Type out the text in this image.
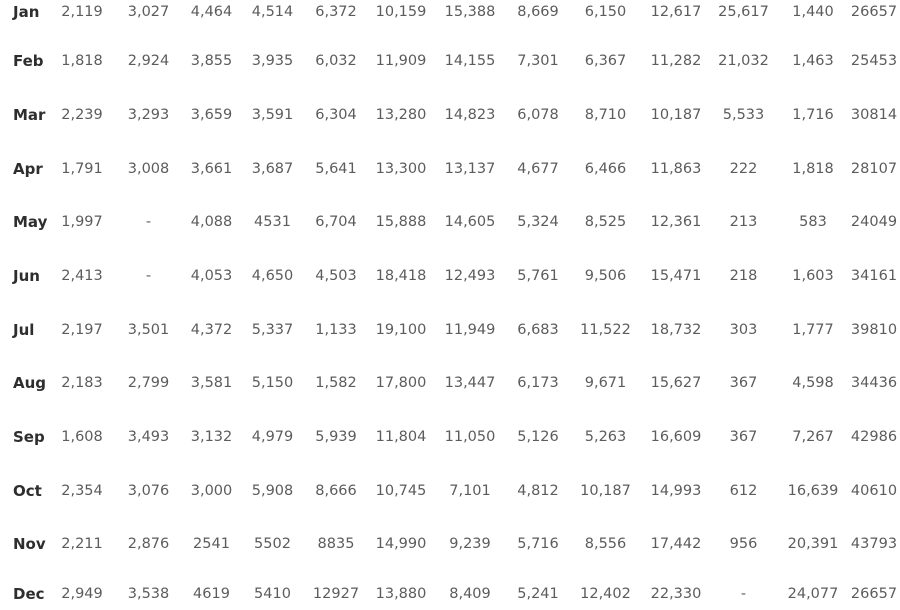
Jan	2,119	3,027	4,464	4,514	6,372	10,159	15,388	8,669	6,150	12,617	25,617	1,440	26657
Feb	1,818	2,924	3,855	3,935	6,032	11,909	14,155	7,301	6,367	11,282	21,032	1,463	25453
Mar	2,239	3,293	3,659	3,591	6,304	13,280	14,823	6,078	8,710	10,187	5,533	1,716	30814
Apr	1,791	3,008	3,661	3,687	5,641	13,300	13,137	4,677	6,466	11,863	222	1,818	28107
May	1,997	-	4,088	4531	6,704	15,888	14,605	5,324	8,525	12,361	213	583	24049
Jun	2,413	-	4,053	4,650	4,503	18,418	12,493	5,761	9,506	15,471	218	1,603	34161
Jul	2,197	3,501	4,372	5,337	1,133	19,100	11,949	6,683	11,522	18,732	303	1,777	39810
Aug	2,183	2,799	3,581	5,150	1,582	17,800	13,447	6,173	9,671	15,627	367	4,598	34436
Sep	1,608	3,493	3,132	4,979	5,939	11,804	11,050	5,126	5,263	16,609	367	7,267	42986
Oct	2,354	3,076	3,000	5,908	8,666	10,745	7,101	4,812	10,187	14,993	612	16,639	40610
Nov	2,211	2,876	2541	5502	8835	14,990	9,239	5,716	8,556	17,442	956	20,391	43793
Dec	2,949	3,538	4619	5410	12927	13,880	8,409	5,241	12,402	22,330	-	24,077	26657
